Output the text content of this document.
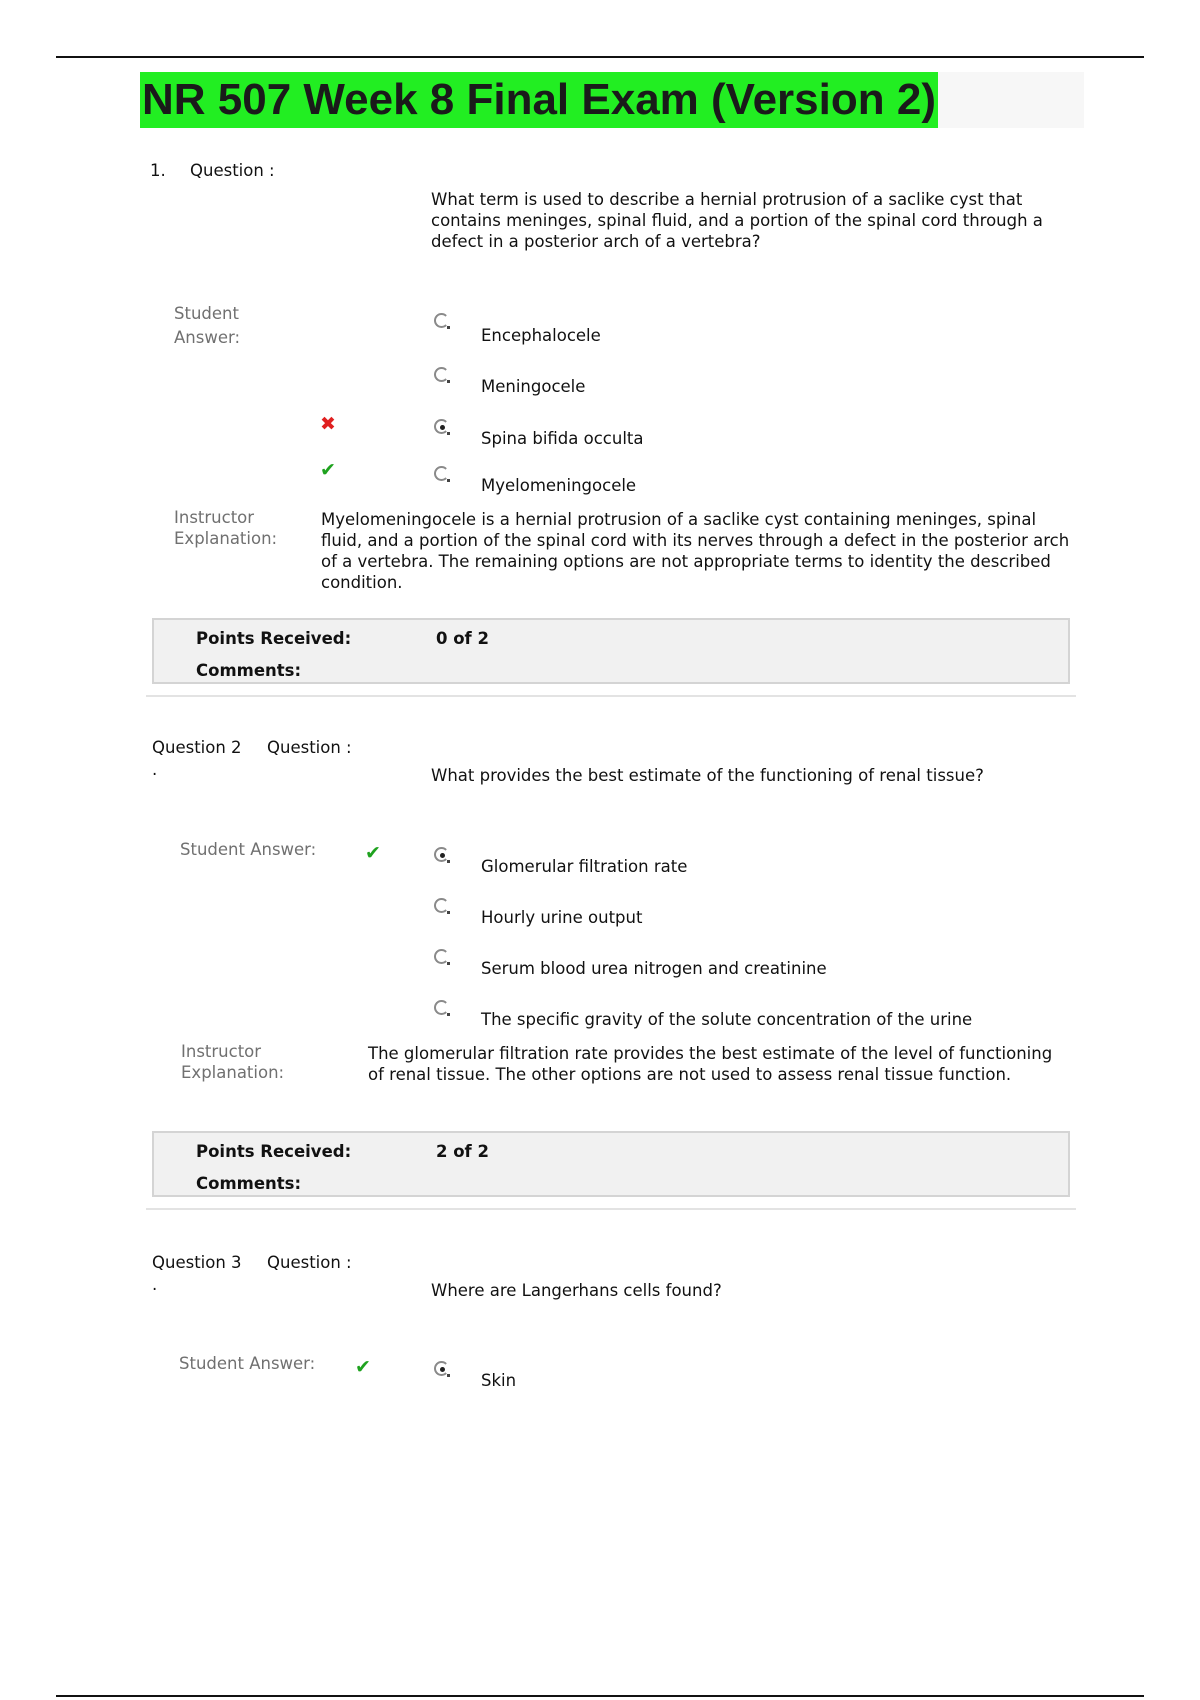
NR 507 Week 8 Final Exam (Version 2)
1. Question :
What term is used to describe a hernial protrusion of a saclike cyst that contains meninges, spinal fluid, and a portion of the spinal cord through a defect in a posterior arch of a vertebra?
Student Answer:	Encephalocele
Meningocele
✖
Spina bifida occulta
✔
Myelomeningocele
Instructor Explanation:
Myelomeningocele is a hernial protrusion of a saclike cyst containing meninges, spinal fluid, and a portion of the spinal cord with its nerves through a defect in the posterior arch of a vertebra. The remaining options are not appropriate terms to identity the described condition.
Points Received:	0 of 2
Comments:
Question 2 Question :
.	What provides the best estimate of the functioning of renal tissue?
Student Answer:	✔
Glomerular filtration rate
Hourly urine output
Serum blood urea nitrogen and creatinine
The specific gravity of the solute concentration of the urine
Instructor Explanation:
The glomerular filtration rate provides the best estimate of the level of functioning of renal tissue. The other options are not used to assess renal tissue function.
Points Received:	2 of 2
Comments:
Question 3 Question :
.	Where are Langerhans cells found?
Student Answer:	✔
Skin
